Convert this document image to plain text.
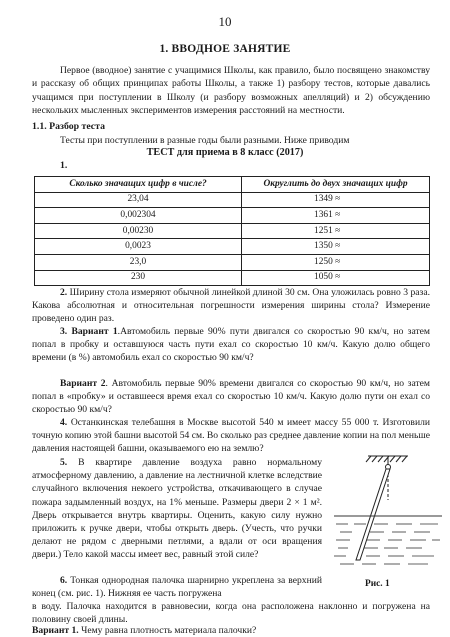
10
1. ВВОДНОЕ ЗАНЯТИЕ
Первое (вводное) занятие с учащимися Школы, как правило, было посвящено знакомству и рассказу об общих принципах работы Школы, а также 1) разбору тестов, которые давались учащимся при поступлении в Школу (и разбору возможных апелляций) и 2) обсуждению нескольких мысленных экспериментов измерения расстояний на местности.
1.1. Разбор теста
Тесты при поступлении в разные годы были разными. Ниже приводим
ТЕСТ для приема в 8 класс (2017)
1.
Сколько значащих цифр в числе?	Округлить до двух значащих цифр
23,04	1349 ≈
0,002304	1361 ≈
0,00230	1251 ≈
0,0023	1350 ≈
23,0	1250 ≈
230	1050 ≈
2. Ширину стола измеряют обычной линейкой длиной 30 см. Она уложилась ровно 3 раза. Какова абсолютная и относительная погрешности измерения ширины стола? Измерение проведено один раз.
3. Вариант 1.Автомобиль первые 90% пути двигался со скоростью 90 км/ч, но затем попал в пробку и оставшуюся часть пути ехал со скоростью 10 км/ч. Какую долю общего времени (в %) автомобиль ехал со скоростью 90 км/ч?
Вариант 2. Автомобиль первые 90% времени двигался со скоростью 90 км/ч, но затем попал в «пробку» и оставшееся время ехал со скоростью 10 км/ч. Какую долю пути он ехал со скоростью 90 км/ч?
4. Останкинская телебашня в Москве высотой 540 м имеет массу 55 000 т. Изготовили точную копию этой башни высотой 54 см. Во сколько раз среднее давление копии на пол меньше давления настоящей башни, оказываемого ею на землю?
5. В квартире давление воздуха равно нормальному атмосферному давлению, а давление на лестничной клетке вследствие случайного включения некоего устройства, откачивающего в случае пожара задымленный воздух, на 1% меньше. Размеры двери 2 × 1 м². Дверь открывается внутрь квартиры. Оценить, какую силу нужно приложить к ручке двери, чтобы открыть дверь. (Учесть, что ручки делают не рядом с дверными петлями, а вдали от оси вращения двери.) Тело какой массы имеет вес, равный этой силе?
6. Тонкая однородная палочка шарнирно укреплена за верхний конец (см. рис. 1). Нижняя ее часть погружена
в воду. Палочка находится в равновесии, когда она расположена наклонно и погружена на половину своей длины.
Вариант 1. Чему равна плотность материала палочки?
Рис. 1
